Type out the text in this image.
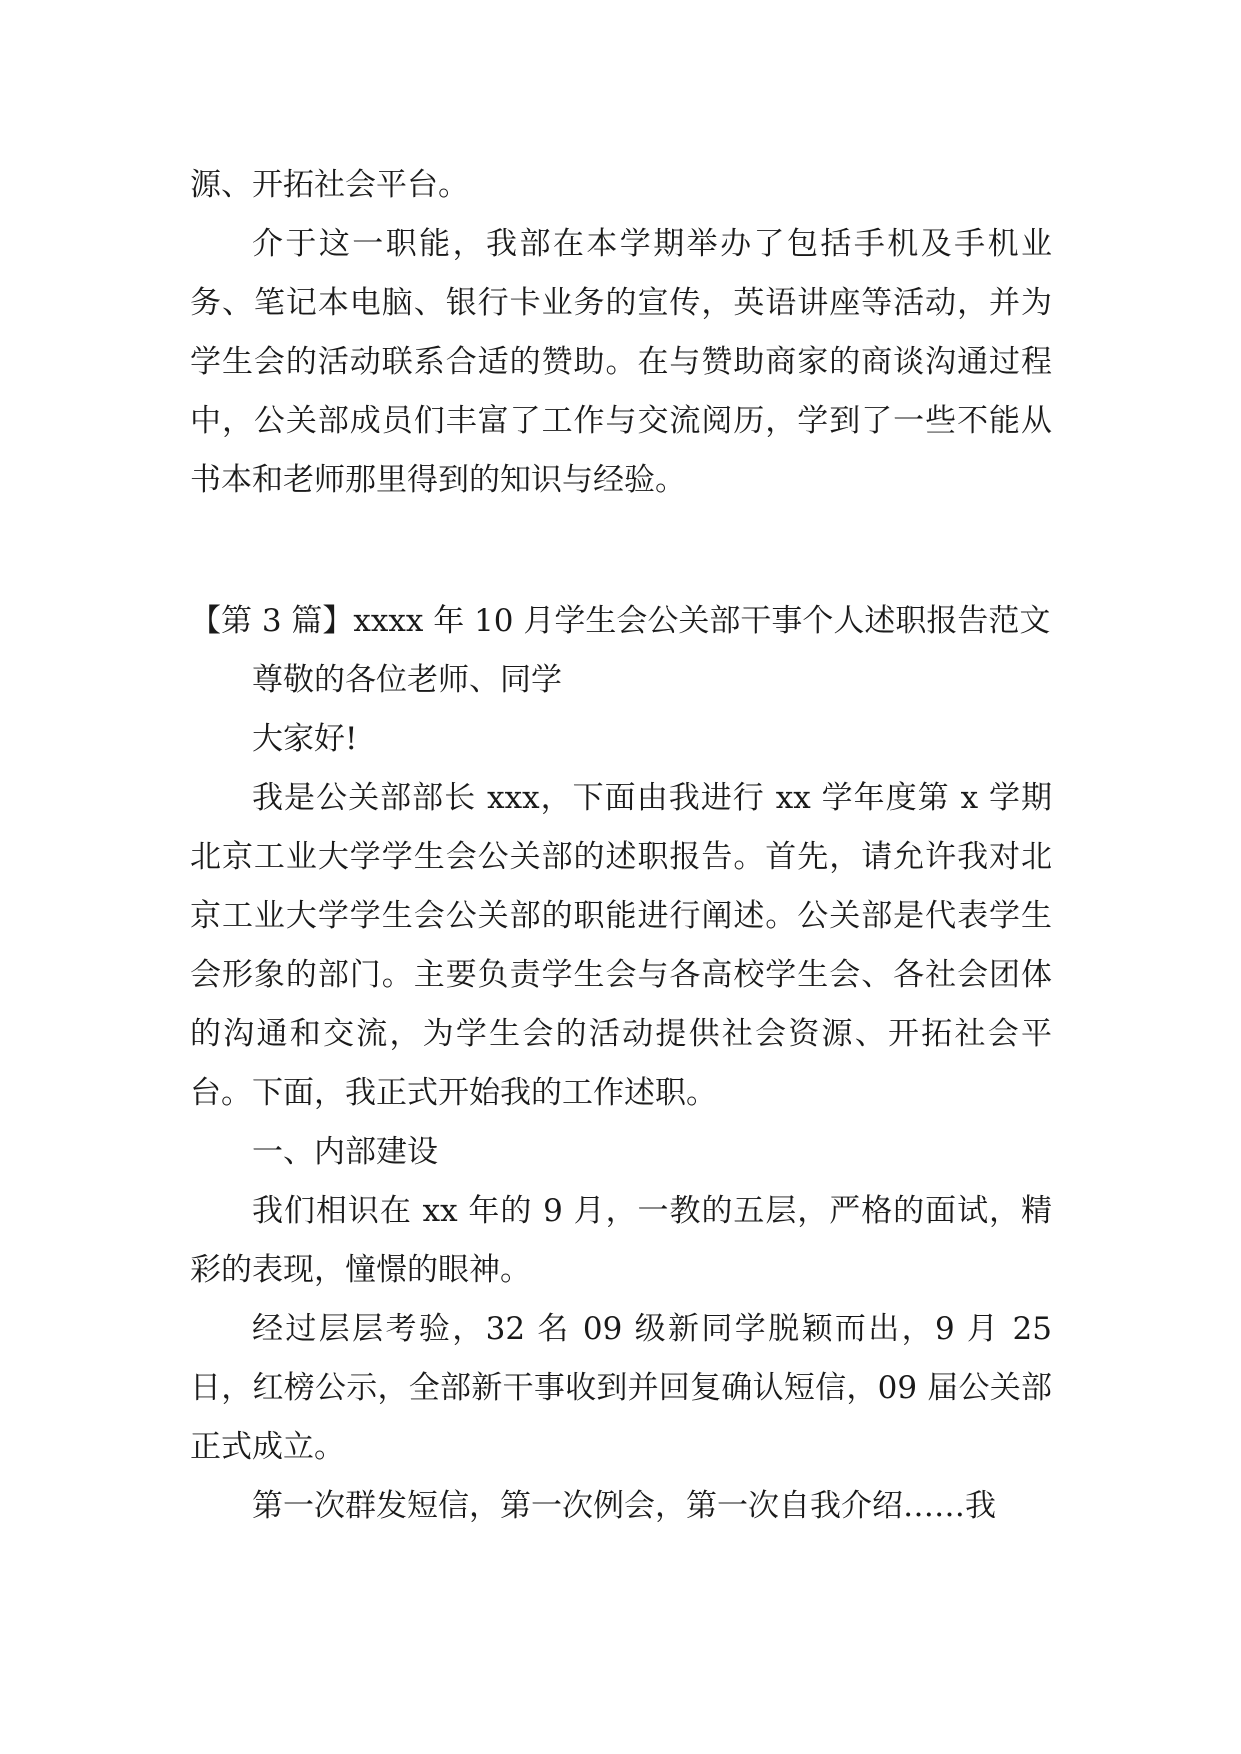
源、开拓社会平台。

介于这一职能，我部在本学期举办了包括手机及手机业务、笔记本电脑、银行卡业务的宣传，英语讲座等活动，并为学生会的活动联系合适的赞助。在与赞助商家的商谈沟通过程中，公关部成员们丰富了工作与交流阅历，学到了一些不能从书本和老师那里得到的知识与经验。

【第 3 篇】xxxx 年 10 月学生会公关部干事个人述职报告范文

尊敬的各位老师、同学

大家好!

我是公关部部长 xxx，下面由我进行 xx 学年度第 x 学期北京工业大学学生会公关部的述职报告。首先，请允许我对北京工业大学学生会公关部的职能进行阐述。公关部是代表学生会形象的部门。主要负责学生会与各高校学生会、各社会团体的沟通和交流，为学生会的活动提供社会资源、开拓社会平台。下面，我正式开始我的工作述职。

一、内部建设

我们相识在 xx 年的 9 月，一教的五层，严格的面试，精彩的表现，憧憬的眼神。

经过层层考验，32 名 09 级新同学脱颖而出，9 月 25 日，红榜公示，全部新干事收到并回复确认短信，09 届公关部正式成立。

第一次群发短信，第一次例会，第一次自我介绍……我
